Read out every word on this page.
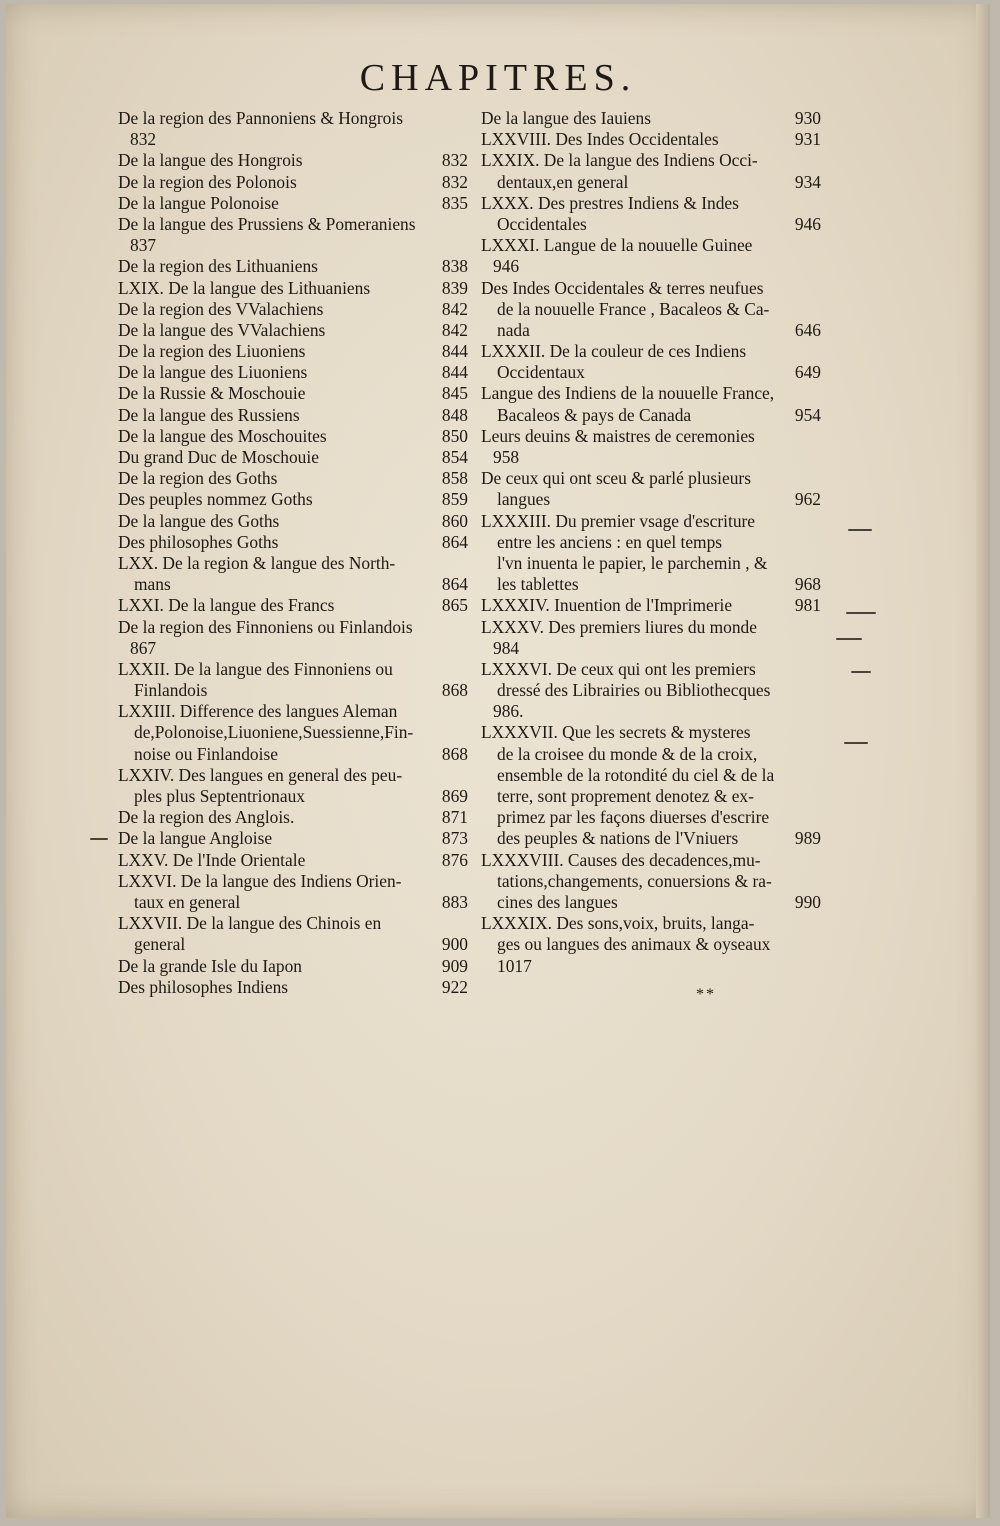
CHAPITRES.
De la region des Pannoniens & Hongrois
832
De la langue des Hongrois	832
De la region des Polonois	832
De la langue Polonoise	835
De la langue des Prussiens & Pomeraniens
837
De la region des Lithuaniens	838
LXIX. De la langue des Lithuaniens	839
De la region des VValachiens	842
De la langue des VValachiens	842
De la region des Liuoniens	844
De la langue des Liuoniens	844
De la Russie & Moschouie	845
De la langue des Russiens	848
De la langue des Moschouites	850
Du grand Duc de Moschouie	854
De la region des Goths	858
Des peuples nommez Goths	859
De la langue des Goths	860
Des philosophes Goths	864
LXX. De la region & langue des North-
mans	864
LXXI. De la langue des Francs	865
De la region des Finnoniens ou Finlandois
867
LXXII. De la langue des Finnoniens ou
Finlandois	868
LXXIII. Difference des langues Aleman
de,Polonoise,Liuoniene,Suessienne,Fin-
noise ou Finlandoise	868
LXXIV. Des langues en general des peu-
ples plus Septentrionaux	869
De la region des Anglois.	871
De la langue Angloise	873
LXXV. De l'Inde Orientale	876
LXXVI. De la langue des Indiens Orien-
taux en general	883
LXXVII. De la langue des Chinois en
general	900
De la grande Isle du Iapon	909
Des philosophes Indiens	922
De la langue des Iauiens	930
LXXVIII. Des Indes Occidentales	931
LXXIX. De la langue des Indiens Occi-
dentaux,en general	934
LXXX. Des prestres Indiens & Indes
Occidentales	946
LXXXI. Langue de la nouuelle Guinee
946
Des Indes Occidentales & terres neufues
de la nouuelle France , Bacaleos & Ca-
nada	646
LXXXII. De la couleur de ces Indiens
Occidentaux	649
Langue des Indiens de la nouuelle France,
Bacaleos & pays de Canada	954
Leurs deuins & maistres de ceremonies
958
De ceux qui ont sceu & parlé plusieurs
langues	962
LXXXIII. Du premier vsage d'escriture
entre les anciens : en quel temps
l'vn inuenta le papier, le parchemin , &
les tablettes	968
LXXXIV. Inuention de l'Imprimerie	981
LXXXV. Des premiers liures du monde
984
LXXXVI. De ceux qui ont les premiers
dressé des Librairies ou Bibliothecques
986.
LXXXVII. Que les secrets & mysteres
de la croisee du monde & de la croix,
ensemble de la rotondité du ciel & de la
terre, sont proprement denotez & ex-
primez par les façons diuerses d'escrire
des peuples & nations de l'Vniuers	989
LXXXVIII. Causes des decadences,mu-
tations,changements, conuersions & ra-
cines des langues	990
LXXXIX. Des sons,voix, bruits, langa-
ges ou langues des animaux & oyseaux
1017
**
